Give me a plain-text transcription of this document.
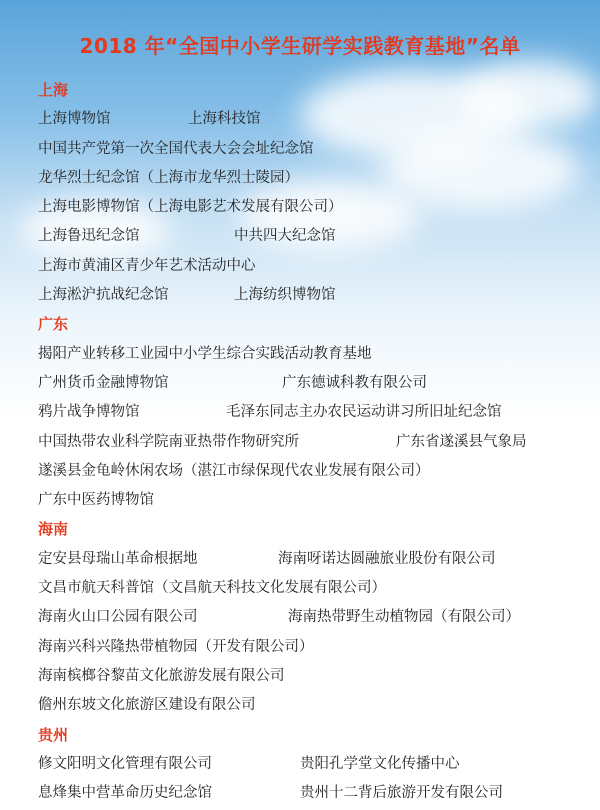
2018 年“全国中小学生研学实践教育基地”名单
上海
上海博物馆	上海科技馆
中国共产党第一次全国代表大会会址纪念馆
龙华烈士纪念馆（上海市龙华烈士陵园）
上海电影博物馆（上海电影艺术发展有限公司）
上海鲁迅纪念馆	中共四大纪念馆
上海市黄浦区青少年艺术活动中心
上海淞沪抗战纪念馆	上海纺织博物馆
广东
揭阳产业转移工业园中小学生综合实践活动教育基地
广州货币金融博物馆	广东德诚科教有限公司
鸦片战争博物馆	毛泽东同志主办农民运动讲习所旧址纪念馆
中国热带农业科学院南亚热带作物研究所	广东省遂溪县气象局
遂溪县金龟岭休闲农场（湛江市绿保现代农业发展有限公司）
广东中医药博物馆
海南
定安县母瑞山革命根据地	海南呀诺达圆融旅业股份有限公司
文昌市航天科普馆（文昌航天科技文化发展有限公司）
海南火山口公园有限公司	海南热带野生动植物园（有限公司）
海南兴科兴隆热带植物园（开发有限公司）
海南槟榔谷黎苗文化旅游发展有限公司
儋州东坡文化旅游区建设有限公司
贵州
修文阳明文化管理有限公司	贵阳孔学堂文化传播中心
息烽集中营革命历史纪念馆	贵州十二背后旅游开发有限公司
